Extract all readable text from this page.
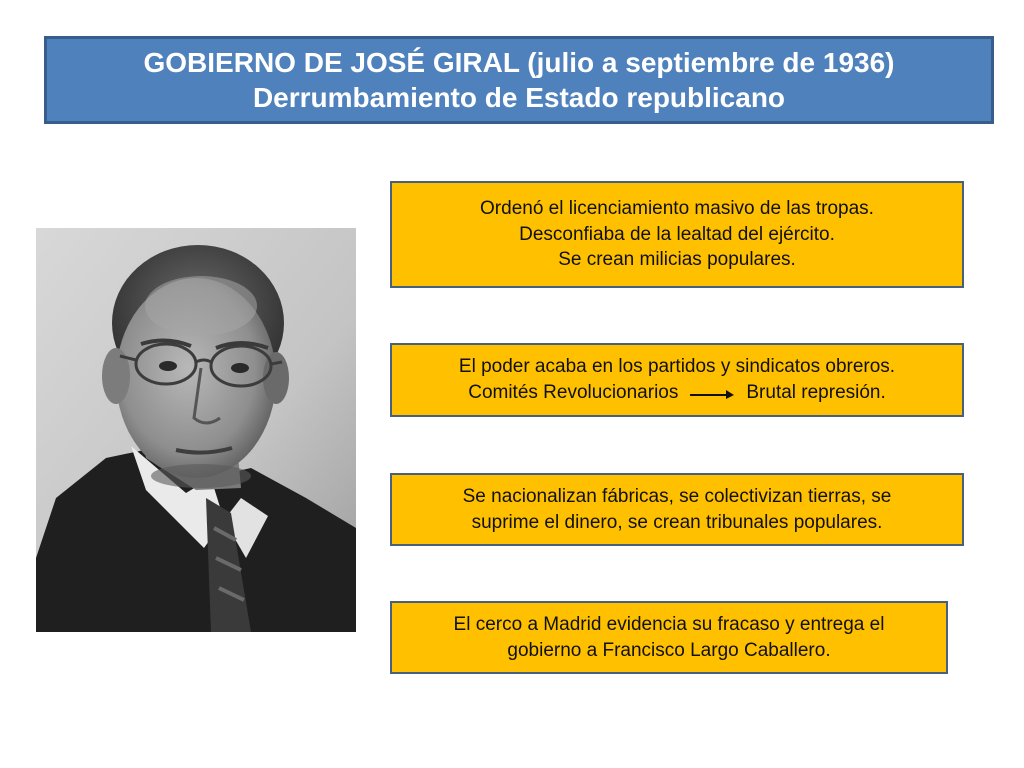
GOBIERNO DE JOSÉ GIRAL (julio a septiembre de 1936)
Derrumbamiento de Estado republicano
Ordenó el licenciamiento masivo de las tropas.
Desconfiaba de la lealtad del ejército.
Se crean milicias populares.
El poder acaba en los partidos y sindicatos obreros.
Comités Revolucionarios	Brutal represión.
Se nacionalizan fábricas, se colectivizan tierras, se
suprime el dinero, se crean tribunales populares.
El cerco a Madrid evidencia su fracaso y entrega el
gobierno a Francisco Largo Caballero.
